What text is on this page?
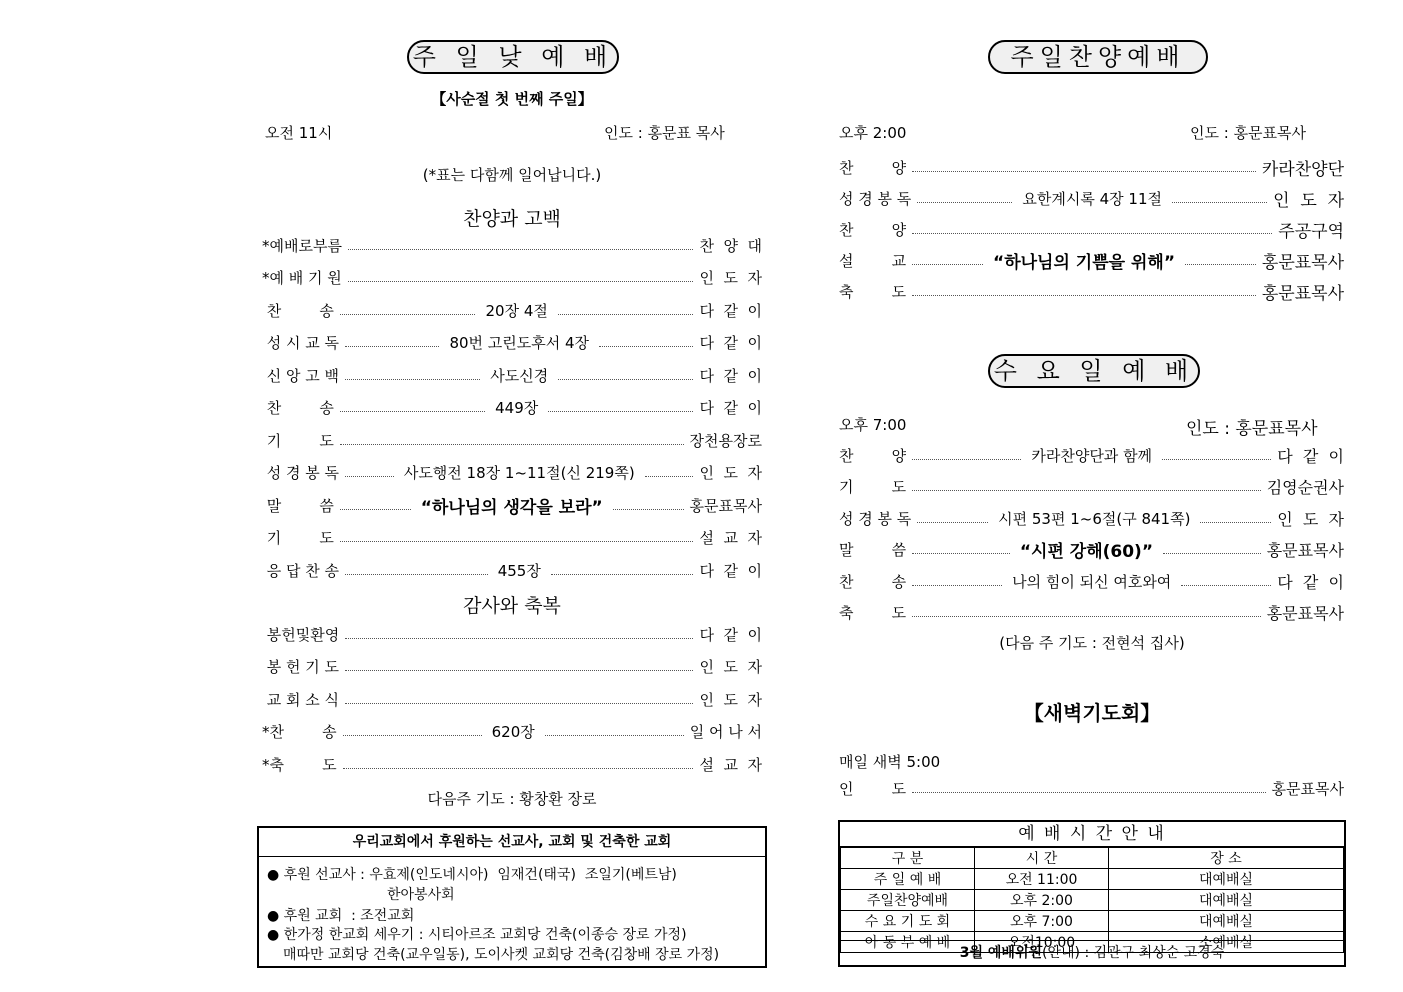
주 일 낮 예 배
【사순절 첫 번째 주일】
오전 11시	인도 : 홍문표 목사
(*표는 다함께 일어납니다.)
찬양과 고백
*예배로부름	찬  양  대
*예 배 기 원	인  도  자
찬        송	20장 4절	다  같  이
성 시 교 독	80번 고린도후서 4장	다  같  이
신 앙 고 백	사도신경	다  같  이
찬        송	449장	다  같  이
기        도	장천용장로
성 경 봉 독	사도행전 18장 1~11절(신 219쪽)	인  도  자
말        씀	“하나님의 생각을 보라”	홍문표목사
기        도	설  교  자
응 답 찬 송	455장	다  같  이
감사와 축복
봉헌및환영	다  같  이
봉 헌 기 도	인  도  자
교 회 소 식	인  도  자
*찬        송	620장	일 어 나 서
*축        도	설  교  자
다음주 기도 : 황창환 장로
우리교회에서 후원하는 선교사, 교회 및 건축한 교회
● 후원 선교사 : 우효제(인도네시아)  임재건(태국)  조일기(베트남)
한아봉사회
● 후원 교회  : 조전교회
● 한가정 한교회 세우기 : 시티아르조 교회당 건축(이종승 장로 가정)
매따만 교회당 건축(교우일동), 도이사켓 교회당 건축(김창배 장로 가정)
주일찬양예배
오후 2:00	인도 : 홍문표목사
찬        양	카라찬양단
성 경 봉 독	요한계시록 4장 11절	인  도  자
찬        양	주공구역
설        교	“하나님의 기쁨을 위해”	홍문표목사
축        도	홍문표목사
수 요 일 예 배
오후 7:00	인도 : 홍문표목사
찬        양	카라찬양단과 함께	다  같  이
기        도	김영순권사
성 경 봉 독	시편 53편 1~6절(구 841쪽)	인  도  자
말        씀	“시편 강해(60)”	홍문표목사
찬        송	나의 힘이 되신 여호와여	다  같  이
축        도	홍문표목사
(다음 주 기도 : 전현석 집사)
【새벽기도회】
매일 새벽 5:00
인        도	홍문표목사
예 배 시 간 안 내
구 분	시 간	장 소
주 일 예 배	오전 11:00	대예배실
주일찬양예배	오후 2:00	대예배실
수 요 기 도 회	오후 7:00	대예배실
아 동 부 예 배	오전10:00	소예배실
3월 예배위원(안내) : 김관구 최상순 고경숙
